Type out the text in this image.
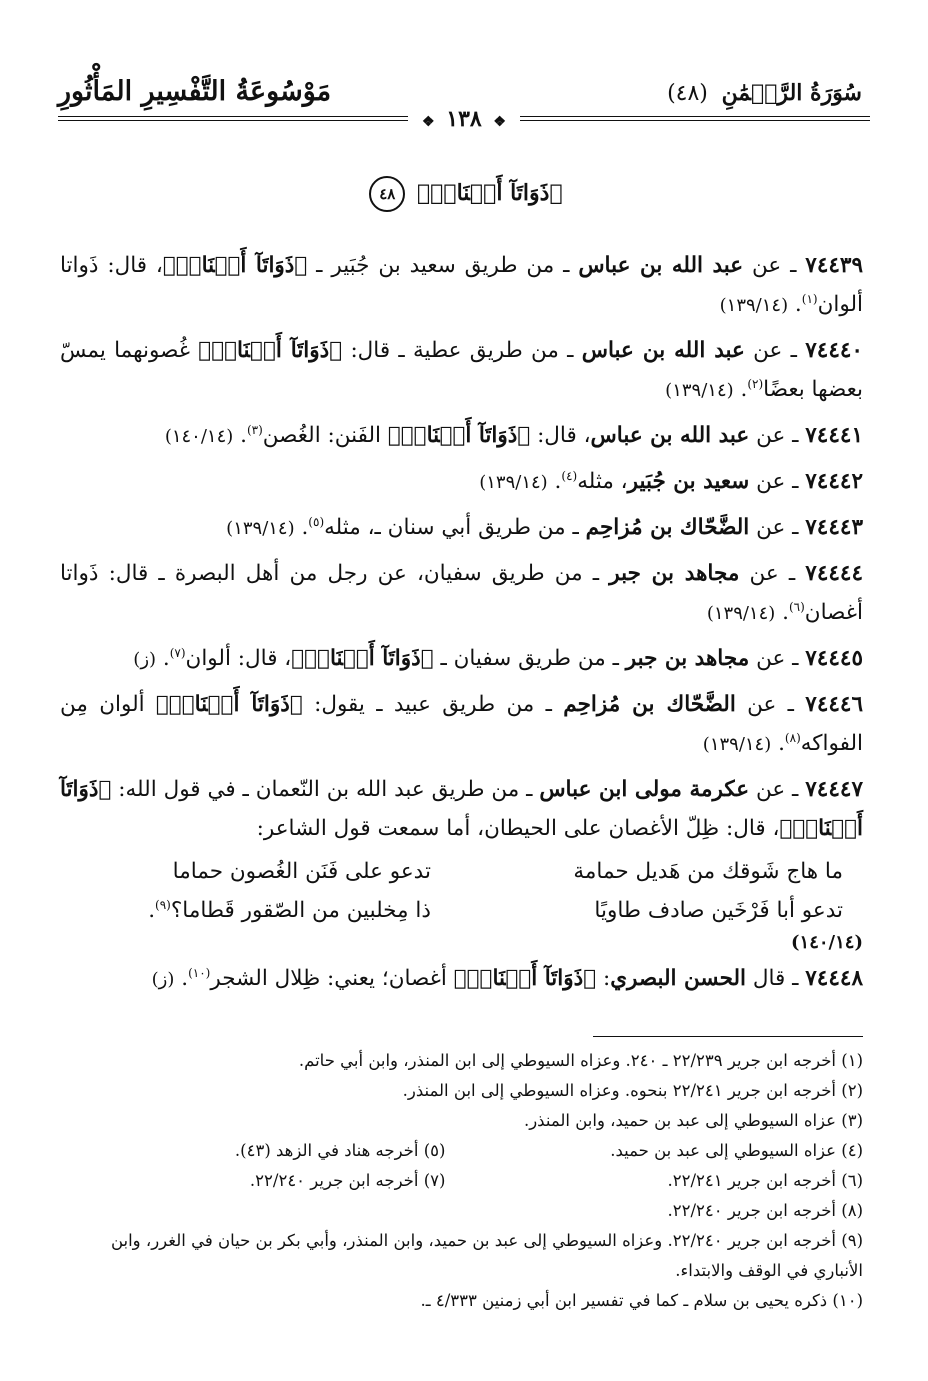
سُوَرَةُ الرَّحۡمَٰنِ (٤٨)
مَوْسُوعَةُ التَّفْسِيرِ المَأْثُورِ
❖ ١٣٨ ❖
﴿ذَوَاتَآ أَفۡنَانٖ﴾ ٤٨

٧٤٤٣٩ ـ عن عبد الله بن عباس ـ من طريق سعيد بن جُبَير ـ ﴿ذَوَاتَآ أَفۡنَانٖ﴾، قال: ذَواتا ألوان$^{(١)}$. (١٣٩/١٤)

٧٤٤٤٠ ـ عن عبد الله بن عباس ـ من طريق عطية ـ قال: ﴿ذَوَاتَآ أَفۡنَانٖ﴾ غُصونهما يمسّ بعضها بعضًا$^{(٢)}$. (١٣٩/١٤)

٧٤٤٤١ ـ عن عبد الله بن عباس، قال: ﴿ذَوَاتَآ أَفۡنَانٖ﴾ الفَنن: الغُصن$^{(٣)}$. (١٤٠/١٤)

٧٤٤٤٢ ـ عن سعيد بن جُبَير، مثله$^{(٤)}$. (١٣٩/١٤)

٧٤٤٤٣ ـ عن الضَّحّاك بن مُزاحِم ـ من طريق أبي سنان ـ، مثله$^{(٥)}$. (١٣٩/١٤)

٧٤٤٤٤ ـ عن مجاهد بن جبر ـ من طريق سفيان، عن رجل من أهل البصرة ـ قال: ذَواتا أغصان$^{(٦)}$. (١٣٩/١٤)

٧٤٤٤٥ ـ عن مجاهد بن جبر ـ من طريق سفيان ـ ﴿ذَوَاتَآ أَفۡنَانٖ﴾، قال: ألوان$^{(٧)}$. (ز)

٧٤٤٤٦ ـ عن الضَّحّاك بن مُزاحِم ـ من طريق عبيد ـ يقول: ﴿ذَوَاتَآ أَفۡنَانٖ﴾ ألوان مِن الفواكه$^{(٨)}$. (١٣٩/١٤)

٧٤٤٤٧ ـ عن عكرمة مولى ابن عباس ـ من طريق عبد الله بن النّعمان ـ في قول الله: ﴿ذَوَاتَآ أَفۡنَانٖ﴾، قال: ظِلّ الأغصان على الحيطان، أما سمعت قول الشاعر:

ما هاج شَوقك من هَديل حمامة
تدعو على فَنَن الغُصون حماما
تدعو أبا فَرْخَين صادف طاويًا
ذا مِخلبين من الصّقور قَطاما؟$^{(٩)}$.
(١٤٠/١٤)

٧٤٤٤٨ ـ قال الحسن البصري: ﴿ذَوَاتَآ أَفۡنَانٖ﴾ أغصان؛ يعني: ظِلال الشجر$^{(١٠)}$. (ز)

(١) أخرجه ابن جرير ٢٢/٢٣٩ ـ ٢٤٠. وعزاه السيوطي إلى ابن المنذر، وابن أبي حاتم.

(٢) أخرجه ابن جرير ٢٢/٢٤١ بنحوه. وعزاه السيوطي إلى ابن المنذر.

(٣) عزاه السيوطي إلى عبد بن حميد، وابن المنذر.

(٤) عزاه السيوطي إلى عبد بن حميد.
(٥) أخرجه هناد في الزهد (٤٣).
(٦) أخرجه ابن جرير ٢٢/٢٤١.
(٧) أخرجه ابن جرير ٢٢/٢٤٠.

(٨) أخرجه ابن جرير ٢٢/٢٤٠.

(٩) أخرجه ابن جرير ٢٢/٢٤٠. وعزاه السيوطي إلى عبد بن حميد، وابن المنذر، وأبي بكر بن حيان في الغرر، وابن الأنباري في الوقف والابتداء.

(١٠) ذكره يحيى بن سلام ـ كما في تفسير ابن أبي زمنين ٤/٣٣٣ ـ.
